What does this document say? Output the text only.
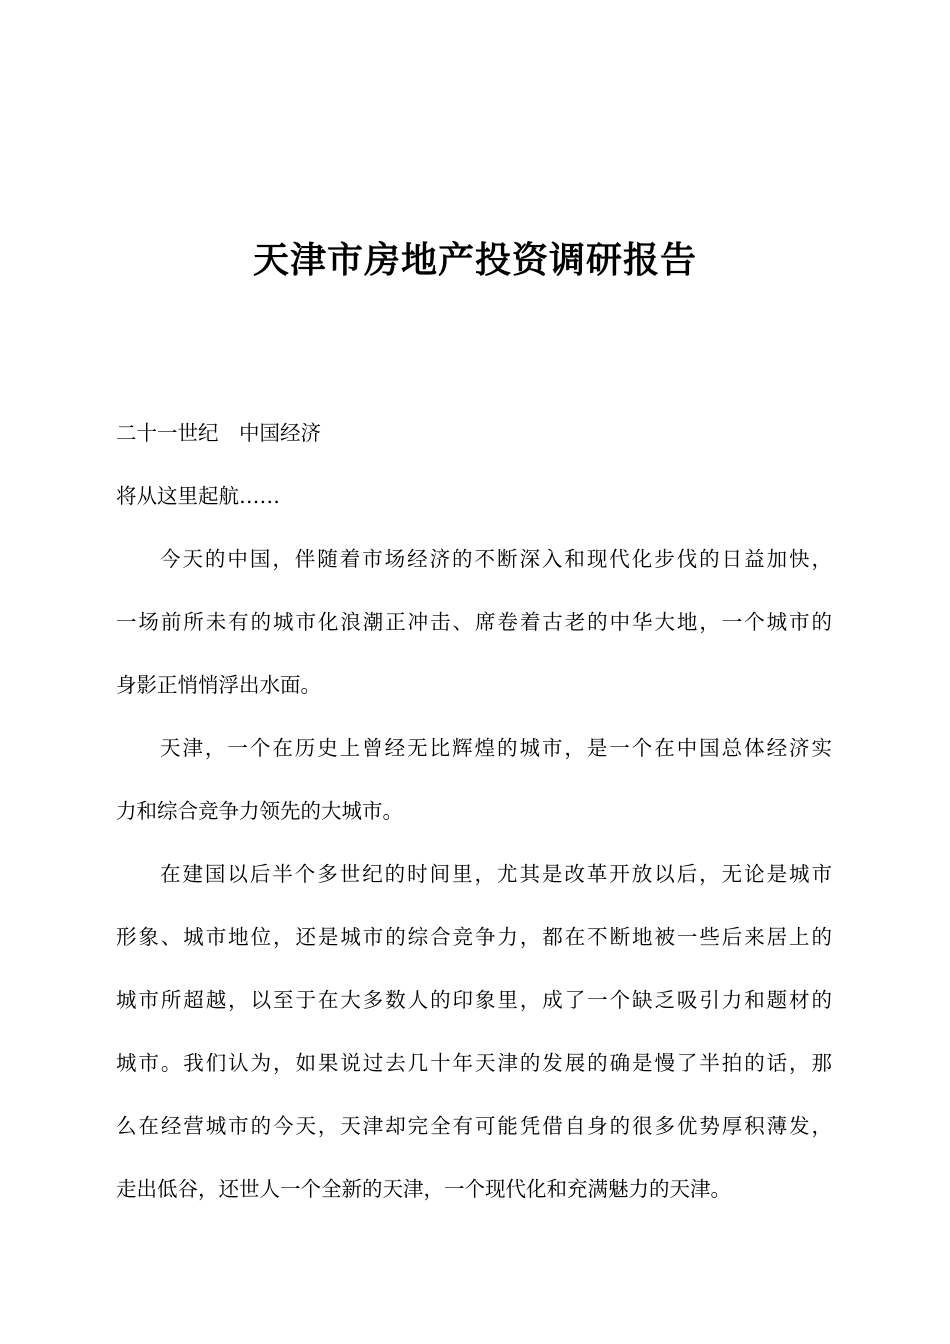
天津市房地产投资调研报告
二十一世纪　中国经济
将从这里起航……
今天的中国，伴随着市场经济的不断深入和现代化步伐的日益加快，
一场前所未有的城市化浪潮正冲击、席卷着古老的中华大地，一个城市的
身影正悄悄浮出水面。
天津，一个在历史上曾经无比辉煌的城市，是一个在中国总体经济实
力和综合竞争力领先的大城市。
在建国以后半个多世纪的时间里，尤其是改革开放以后，无论是城市
形象、城市地位，还是城市的综合竞争力，都在不断地被一些后来居上的
城市所超越，以至于在大多数人的印象里，成了一个缺乏吸引力和题材的
城市。我们认为，如果说过去几十年天津的发展的确是慢了半拍的话，那
么在经营城市的今天，天津却完全有可能凭借自身的很多优势厚积薄发，
走出低谷，还世人一个全新的天津，一个现代化和充满魅力的天津。
